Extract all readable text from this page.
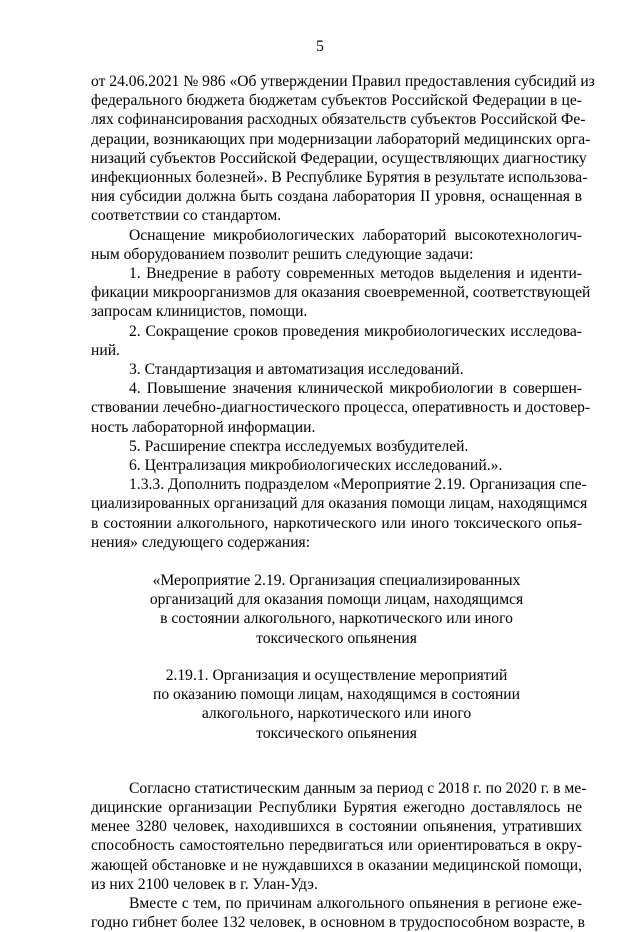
5

от 24.06.2021 № 986 «Об утверждении Правил предоставления субсидий из
федерального бюджета бюджетам субъектов Российской Федерации в це-
лях софинансирования расходных обязательств субъектов Российской Фе-
дерации, возникающих при модернизации лабораторий медицинских орга-
низаций субъектов Российской Федерации, осуществляющих диагностику
инфекционных болезней». В Республике Бурятия в результате использова-
ния субсидии должна быть создана лаборатория II уровня, оснащенная в
соответствии со стандартом.

Оснащение микробиологических лабораторий высокотехнологич-
ным оборудованием позволит решить следующие задачи:

1. Внедрение в работу современных методов выделения и иденти-
фикации микроорганизмов для оказания своевременной, соответствующей
запросам клиницистов, помощи.

2. Сокращение сроков проведения микробиологических исследова-
ний.

3. Стандартизация и автоматизация исследований.

4. Повышение значения клинической микробиологии в совершен-
ствовании лечебно-диагностического процесса, оперативность и достовер-
ность лабораторной информации.

5. Расширение спектра исследуемых возбудителей.

6. Централизация микробиологических исследований.».

1.3.3. Дополнить подразделом «Мероприятие 2.19. Организация спе-
циализированных организаций для оказания помощи лицам, находящимся
в состоянии алкогольного, наркотического или иного токсического опья-
нения» следующего содержания:

«Мероприятие 2.19. Организация специализированных
организаций для оказания помощи лицам, находящимся
в состоянии алкогольного, наркотического или иного
токсического опьянения
2.19.1. Организация и осуществление мероприятий
по оказанию помощи лицам, находящимся в состоянии
алкогольного, наркотического или иного
токсического опьянения

Согласно статистическим данным за период с 2018 г. по 2020 г. в ме-
дицинские организации Республики Бурятия ежегодно доставлялось не
менее 3280 человек, находившихся в состоянии опьянения, утративших
способность самостоятельно передвигаться или ориентироваться в окру-
жающей обстановке и не нуждавшихся в оказании медицинской помощи,
из них 2100 человек в г. Улан-Удэ.

Вместе с тем, по причинам алкогольного опьянения в регионе еже-
годно гибнет более 132 человек, в основном в трудоспособном возрасте, в
